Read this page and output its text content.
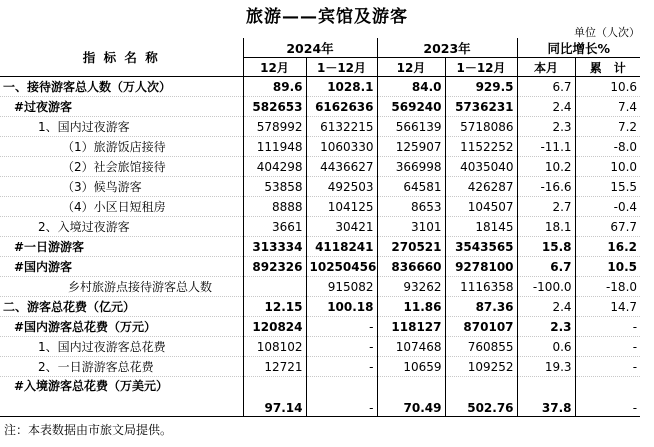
旅游——宾馆及游客
单位（人次）
指 标 名 称	2024年		2023年		同比增长%	
	12月	1－12月	12月	1－12月	本月	累　计
一、接待游客总人数（万人次）	89.6	1028.1	84.0	929.5	6.7	10.6
#过夜游客	582653	6162636	569240	5736231	2.4	7.4
1、国内过夜游客	578992	6132215	566139	5718086	2.3	7.2
（1）旅游饭店接待	111948	1060330	125907	1152252	-11.1	-8.0
（2）社会旅馆接待	404298	4436627	366998	4035040	10.2	10.0
（3）候鸟游客	53858	492503	64581	426287	-16.6	15.5
（4）小区日短租房	8888	104125	8653	104507	2.7	-0.4
2、入境过夜游客	3661	30421	3101	18145	18.1	67.7
#一日游游客	313334	4118241	270521	3543565	15.8	16.2
#国内游客	892326	10250456	836660	9278100	6.7	10.5
乡村旅游点接待游客总人数		915082	93262	1116358	-100.0	-18.0
二、游客总花费（亿元）	12.15	100.18	11.86	87.36	2.4	14.7
#国内游客总花费（万元）	120824	-	118127	870107	2.3	-
1、国内过夜游客总花费	108102	-	107468	760855	0.6	-
2、一日游游客总花费	12721	-	10659	109252	19.3	-
#入境游客总花费（万美元）	97.14	-	70.49	502.76	37.8	-
注：本表数据由市旅文局提供。
